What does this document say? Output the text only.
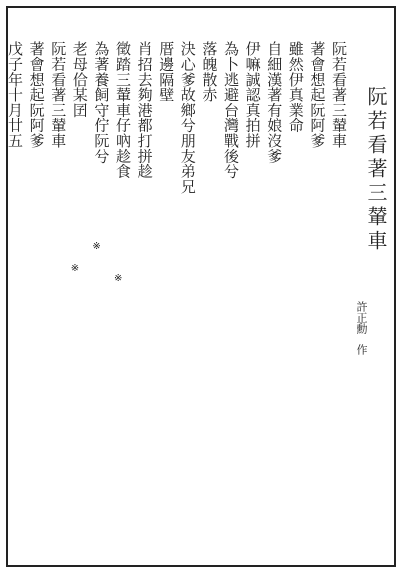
阮若看著三輦車
許正勳作
阮若看著三輦車
著會想起阮阿爹
雖然伊真業命
自細漢著有娘沒爹
伊嘛誠認真拍拼
為卜逃避台灣戰後兮
落魄散赤
決心爹故鄉兮朋友弟兄
厝邊隔壁
肖招去夠港都打拼趁
徵踏三輦車仔吶趁食
為著養飼守佇阮兮
老母佮某囝
※
※
※
阮若看著三輦車
著會想起阮阿爹
戊子年十月廿五
